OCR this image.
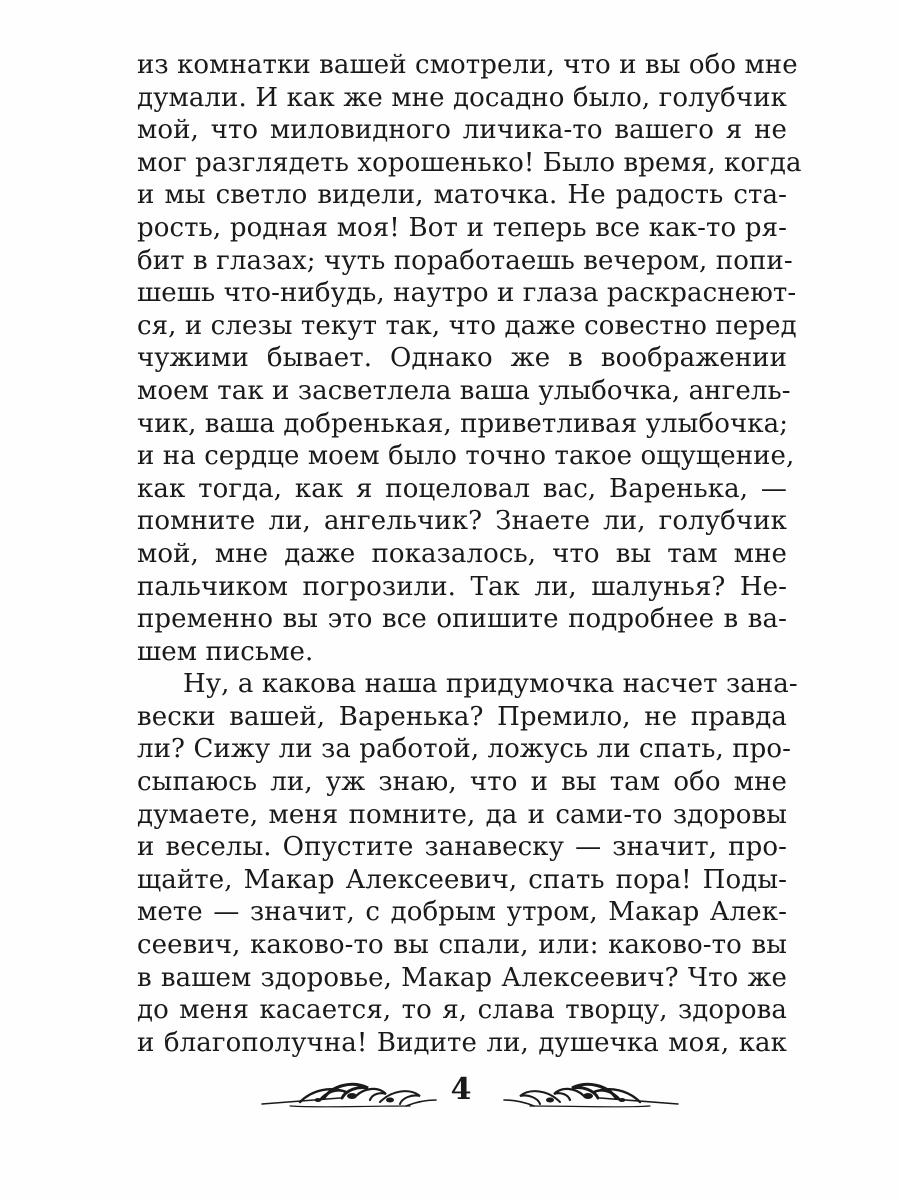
из комнатки вашей смотрели, что и вы обо мне
думали. И как же мне досадно было, голубчик
мой, что миловидного личика-то вашего я не
мог разглядеть хорошенько! Было время, когда
и мы светло видели, маточка. Не радость ста-
рость, родная моя! Вот и теперь все как-то ря-
бит в глазах; чуть поработаешь вечером, попи-
шешь что-нибудь, наутро и глаза раскраснеют-
ся, и слезы текут так, что даже совестно перед
чужими бывает. Однако же в воображении
моем так и засветлела ваша улыбочка, ангель-
чик, ваша добренькая, приветливая улыбочка;
и на сердце моем было точно такое ощущение,
как тогда, как я поцеловал вас, Варенька, —
помните ли, ангельчик? Знаете ли, голубчик
мой, мне даже показалось, что вы там мне
пальчиком погрозили. Так ли, шалунья? Не-
пременно вы это все опишите подробнее в ва-
шем письме.
Ну, а какова наша придумочка насчет зана-
вески вашей, Варенька? Премило, не правда
ли? Сижу ли за работой, ложусь ли спать, про-
сыпаюсь ли, уж знаю, что и вы там обо мне
думаете, меня помните, да и сами-то здоровы
и веселы. Опустите занавеску — значит, про-
щайте, Макар Алексеевич, спать пора! Поды-
мете — значит, с добрым утром, Макар Алек-
сеевич, каково-то вы спали, или: каково-то вы
в вашем здоровье, Макар Алексеевич? Что же
до меня касается, то я, слава творцу, здорова
и благополучна! Видите ли, душечка моя, как
4
